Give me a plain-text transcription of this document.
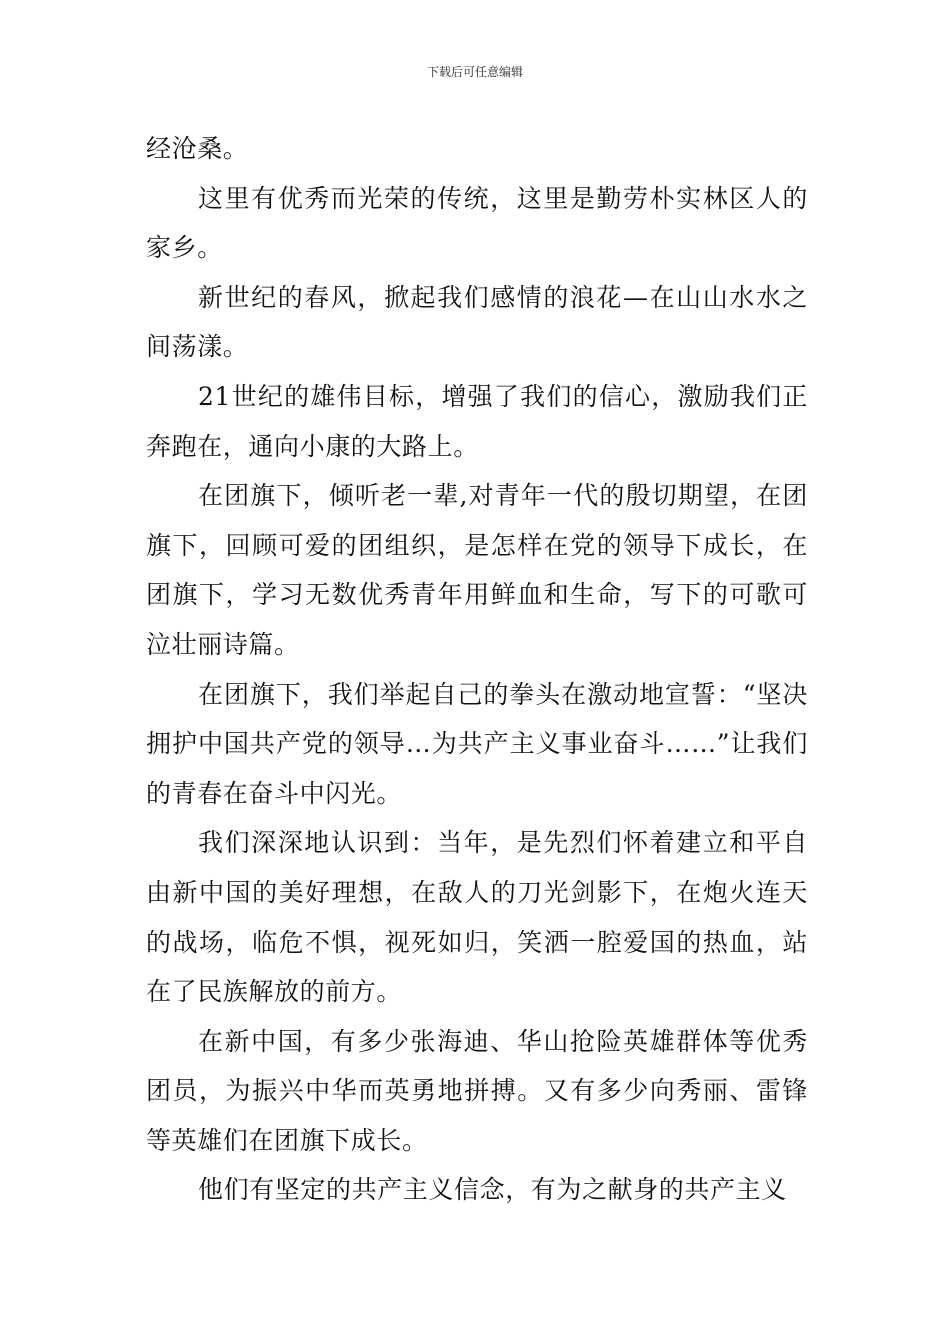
下载后可任意编辑

经沧桑。

这里有优秀而光荣的传统，这里是勤劳朴实林区人的家乡。

新世纪的春风，掀起我们感情的浪花—在山山水水之间荡漾。

21世纪的雄伟目标，增强了我们的信心，激励我们正奔跑在，通向小康的大路上。

在团旗下，倾听老一辈,对青年一代的殷切期望，在团旗下，回顾可爱的团组织，是怎样在党的领导下成长，在团旗下，学习无数优秀青年用鲜血和生命，写下的可歌可泣壮丽诗篇。

在团旗下，我们举起自己的拳头在激动地宣誓：“坚决拥护中国共产党的领导…为共产主义事业奋斗……”让我们的青春在奋斗中闪光。

我们深深地认识到：当年，是先烈们怀着建立和平自由新中国的美好理想，在敌人的刀光剑影下，在炮火连天的战场，临危不惧，视死如归，笑洒一腔爱国的热血，站在了民族解放的前方。

在新中国，有多少张海迪、华山抢险英雄群体等优秀团员，为振兴中华而英勇地拼搏。又有多少向秀丽、雷锋等英雄们在团旗下成长。

他们有坚定的共产主义信念，有为之献身的共产主义
